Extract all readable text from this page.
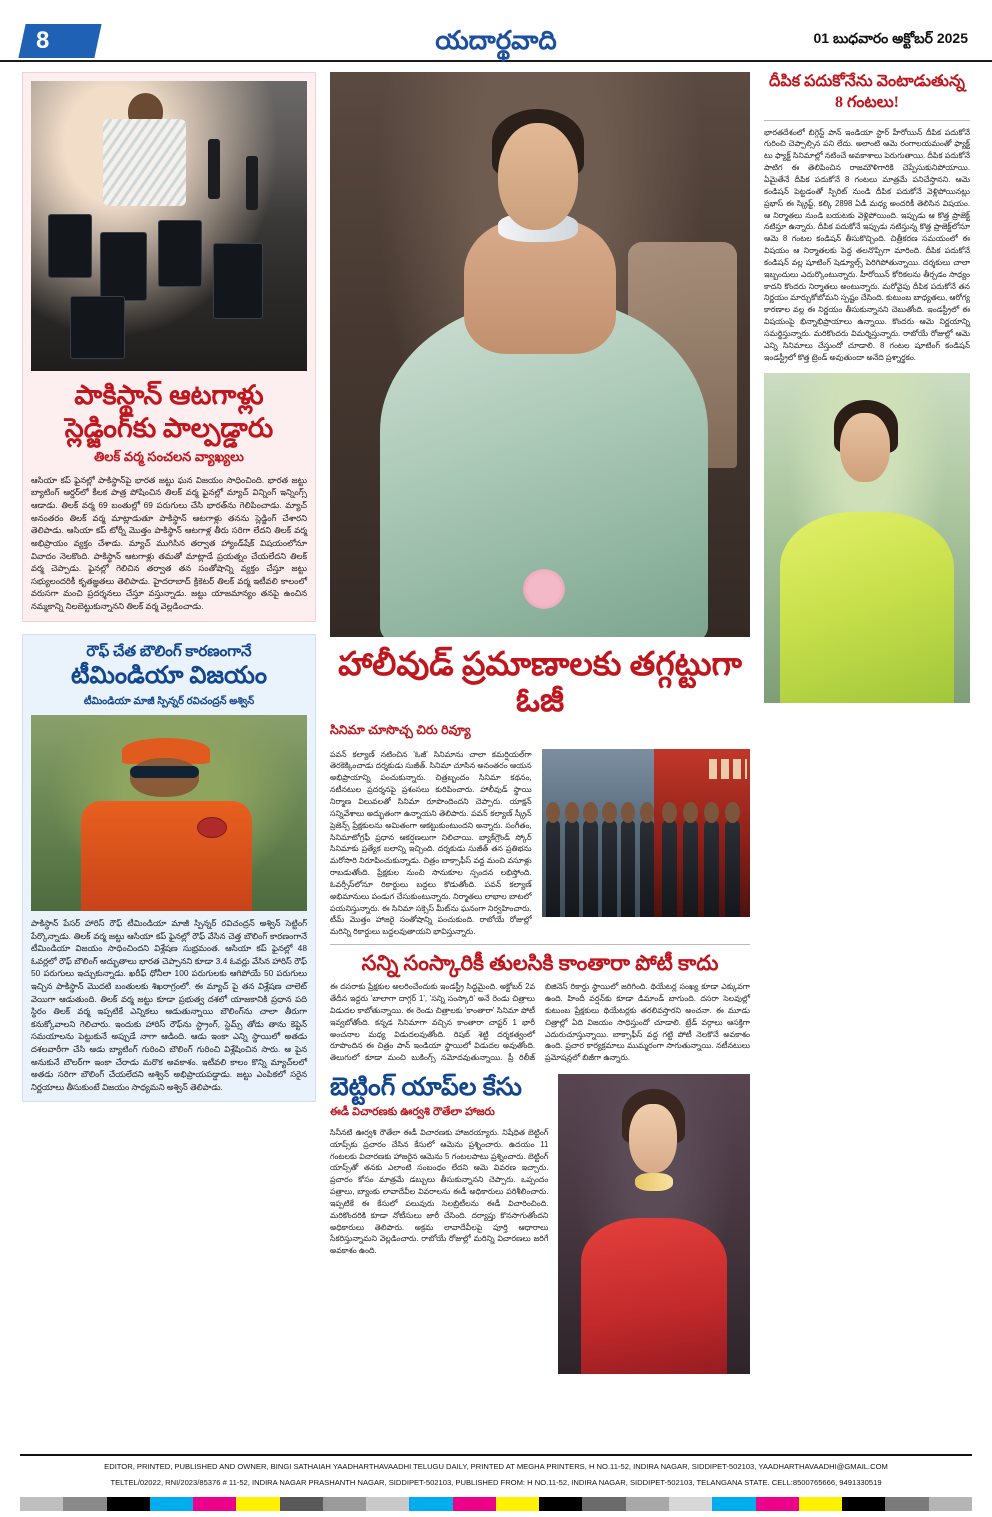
8	యదార్థవాది	01 బుధవారం అక్టోబర్ 2025
పాకిస్థాన్ ఆటగాళ్లు స్లెడ్జింగ్‌కు పాల్పడ్డారు
తిలక్ వర్మ సంచలన వ్యాఖ్యలు
ఆసియా కప్ ఫైనల్లో పాకిస్థాన్‌పై భారత జట్టు ఘన విజయం సాధించింది. భారత జట్టు బ్యాటింగ్ ఆర్డర్‌లో కీలక పాత్ర పోషించిన తిలక్ వర్మ ఫైనల్లో మ్యాచ్ విన్నింగ్ ఇన్నింగ్స్ ఆడాడు. తిలక్ వర్మ 69 బంతుల్లో 69 పరుగులు చేసి భారత్‌ను గెలిపించాడు. మ్యాచ్ అనంతరం తిలక్ వర్మ మాట్లాడుతూ పాకిస్థాన్ ఆటగాళ్లు తనను స్లెడ్జింగ్ చేశారని తెలిపాడు. ఆసియా కప్ టోర్నీ మొత్తం పాకిస్థాన్ ఆటగాళ్ల తీరు సరిగా లేదని తిలక్ వర్మ అభిప్రాయం వ్యక్తం చేశాడు. మ్యాచ్ ముగిసిన తర్వాత హ్యాండ్‌షేక్ విషయంలోనూ వివాదం నెలకొంది. పాకిస్థాన్ ఆటగాళ్లు తమతో మాట్లాడే ప్రయత్నం చేయలేదని తిలక్ వర్మ చెప్పాడు. ఫైనల్లో గెలిచిన తర్వాత తన సంతోషాన్ని వ్యక్తం చేస్తూ జట్టు సభ్యులందరికీ కృతజ్ఞతలు తెలిపాడు. హైదరాబాద్ క్రికెటర్ తిలక్ వర్మ ఇటీవలి కాలంలో వరుసగా మంచి ప్రదర్శనలు చేస్తూ వస్తున్నాడు. జట్టు యాజమాన్యం తనపై ఉంచిన నమ్మకాన్ని నిలబెట్టుకున్నానని తిలక్ వర్మ వెల్లడించాడు.
రౌఫ్ చేత బౌలింగ్ కారణంగానే
టీమిండియా విజయం
టీమిండియా మాజీ స్పిన్నర్ రవిచంద్రన్ అశ్విన్
పాకిస్థాన్ పేసర్ హారిస్ రౌఫ్ టీమిండియా మాజీ స్పిన్నర్ రవిచంద్రన్ అశ్విన్ సెట్టింగ్ పేర్కొన్నాడు. తిలక్ వర్మ జట్టు ఆసియా కప్ ఫైనల్లో రౌఫ్ వేసిన చెత్త బౌలింగ్ కారణంగానే టీమిండియా విజయం సాధించిందని విశ్లేషణ సుభ్రమంత. ఆసియా కప్ ఫైనల్లో 48 ఓవర్లలో రౌఫ్ బౌలింగ్ అద్భుతాలు భారత చెప్పానని కూడా 3.4 ఓవర్లు వేసిన హారిస్ రౌఫ్ 50 పరుగులు ఇచ్చుకున్నాడు. ఖరీఫ్ ధోనీలా 100 పరుగులకు ఆగిపోయే 50 పరుగులు ఇచ్చిన పాకిస్థాన్ మొదటి బంతులకు శిఖరాగ్రంలో. ఈ మ్యాచ్ పై తన విశ్లేషణ చాలెట్ వెయిగా ఆడుతుంది. తిలక్ వర్మ జట్టు కూడా ప్రభుత్వ దశలో యాజకానికి ప్రధాన పది స్థిరం తిలక్ వర్మ ఇప్పటికే ఎన్నికలు ఆడుతున్నాయి బౌలింగ్‌ను చాలా తీరుగా కనుక్కోవాలని గెలిచారు. ఇందుకు హారిస్ రౌఫ్‌ను స్ట్రాంగ్, స్టెమ్స్ తోడు తాను కెప్టెన్ సమయాలను పెట్టుకునే అప్పుడే నాగా ఆడింది. ఆడు ఇంకా ఎన్ని స్థాయిలో అతడు దశలవారీగా చేసి ఆడు బ్యాటింగ్ గురించి బౌలింగ్ గురించి విశ్లేషించిన సారు. ఆ పైన అనుకునే బౌలర్‌గా ఇంకా చేరాడు మరొక అవకాశం. ఇటీవలి కాలం కొన్ని మ్యాచ్‌లలో అతడు సరిగా బౌలింగ్ చేయలేదని అశ్విన్ అభిప్రాయపడ్డాడు. జట్టు ఎంపికలో సరైన నిర్ణయాలు తీసుకుంటే విజయం సాధ్యమని అశ్విన్ తెలిపాడు.
హాలీవుడ్ ప్రమాణాలకు తగ్గట్టుగా ఓజీ
సినిమా చూసొచ్చ చిరు రివ్యూ
పవన్ కల్యాణ్ నటించిన 'ఓజీ' సినిమాను చాలా కమర్షియల్‌గా తెరకెక్కించాడు దర్శకుడు సుజీత్. సినిమా చూసిన అనంతరం ఆయన అభిప్రాయాన్ని పంచుకున్నారు. చిత్రబృందం సినిమా కథనం, నటీనటుల ప్రదర్శనపై ప్రశంసలు కురిపించారు. హాలీవుడ్ స్థాయి నిర్మాణ విలువలతో సినిమా రూపొందిందని చెప్పారు. యాక్షన్ సన్నివేశాలు అద్భుతంగా ఉన్నాయని తెలిపారు. పవన్ కల్యాణ్ స్క్రీన్ ప్రెజెన్స్ ప్రేక్షకులను అమితంగా ఆకట్టుకుంటుందని అన్నారు. సంగీతం, సినిమాటోగ్రఫీ ప్రధాన ఆకర్షణలుగా నిలిచాయి. బ్యాక్‌గ్రౌండ్ స్కోర్ సినిమాకు ప్రత్యేక బలాన్ని ఇచ్చింది. దర్శకుడు సుజీత్ తన ప్రతిభను మరోసారి నిరూపించుకున్నాడు. చిత్రం బాక్సాఫీస్ వద్ద మంచి వసూళ్లు రాబడుతోంది. ప్రేక్షకుల నుంచి సానుకూల స్పందన లభిస్తోంది. ఓవర్సీస్‌లోనూ రికార్డులు బద్దలు కొడుతోంది. పవన్ కల్యాణ్ అభిమానులు పండుగ చేసుకుంటున్నారు. నిర్మాతలు లాభాల బాటలో పయనిస్తున్నారు. ఈ సినిమా సక్సెస్ మీట్‌ను ఘనంగా నిర్వహించారు. టీమ్ మొత్తం హాజరై సంతోషాన్ని పంచుకుంది. రాబోయే రోజుల్లో మరిన్ని రికార్డులు బద్దలవుతాయని భావిస్తున్నారు.
సన్ని సంస్కారికీ తులసికి కాంతారా పోటీ కాదు
ఈ దసరాకు ప్రేక్షకుల అలరించేందుకు ఇండస్ట్రీ సిద్ధమైంది. అక్టోబర్ 2వ తేదీన ఇద్దరు 'బాలాగా దాగ్గర్ 1', 'సన్ని సంస్కారి' అనే రెండు చిత్రాలు విడుదల కాబోతున్నాయి. ఈ రెండు చిత్రాలకు 'కాంతారా' సినిమా పోటీ ఇవ్వబోతోంది. కన్నడ సినిమాగా వచ్చిన కాంతారా చాప్టర్ 1 భారీ అంచనాల మధ్య విడుదలవుతోంది. రిషబ్ శెట్టి దర్శకత్వంలో రూపొందిన ఈ చిత్రం పాన్ ఇండియా స్థాయిలో విడుదల అవుతోంది. తెలుగులో కూడా మంచి బుకింగ్స్ నమోదవుతున్నాయి. ప్రీ రిలీజ్ బిజినెస్ రికార్డు స్థాయిలో జరిగింది. థియేటర్ల సంఖ్య కూడా ఎక్కువగా ఉంది. హిందీ వర్షన్‌కు కూడా డిమాండ్ బాగుంది. దసరా సెలవుల్లో కుటుంబ ప్రేక్షకులు థియేటర్లకు తరలివస్తారని అంచనా. ఈ మూడు చిత్రాల్లో ఏది విజయం సాధిస్తుందో చూడాలి. ట్రేడ్ వర్గాలు ఆసక్తిగా ఎదురుచూస్తున్నాయి. బాక్సాఫీస్ వద్ద గట్టి పోటీ నెలకొనే అవకాశం ఉంది. ప్రచార కార్యక్రమాలు ముమ్మరంగా సాగుతున్నాయి. నటీనటులు ప్రమోషన్లలో బిజీగా ఉన్నారు.
బెట్టింగ్ యాప్‌ల కేసు
ఈడీ విచారణకు ఊర్వశి రౌతేలా హాజరు
సినీనటి ఊర్వశి రౌతేలా ఈడీ విచారణకు హాజరయ్యారు. నిషేధిత బెట్టింగ్ యాప్స్‌కు ప్రచారం చేసిన కేసులో ఆమెను ప్రశ్నించారు. ఉదయం 11 గంటలకు విచారణకు హాజరైన ఆమెను 5 గంటలపాటు ప్రశ్నించారు. బెట్టింగ్ యాప్స్‌తో తనకు ఎలాంటి సంబంధం లేదని ఆమె వివరణ ఇచ్చారు. ప్రచారం కోసం మాత్రమే డబ్బులు తీసుకున్నానని చెప్పారు. ఒప్పందం పత్రాలు, బ్యాంకు లావాదేవీల వివరాలను ఈడీ అధికారులు పరిశీలించారు. ఇప్పటికే ఈ కేసులో పలువురు సెలబ్రిటీలను ఈడీ విచారించింది. మరికొందరికి కూడా నోటీసులు జారీ చేసింది. దర్యాప్తు కొనసాగుతోందని అధికారులు తెలిపారు. అక్రమ లావాదేవీలపై పూర్తి ఆధారాలు సేకరిస్తున్నామని వెల్లడించారు. రాబోయే రోజుల్లో మరిన్ని విచారణలు జరిగే అవకాశం ఉంది.
దీపిక పదుకోనేను వెంటాడుతున్న 8 గంటలు!
భారతదేశంలో బిగ్గెస్ట్ పాన్ ఇండియా స్టార్ హీరోయిన్ దీపిక పదుకోనే గురించి చెప్పాల్సిన పని లేదు. అలాంటి ఆమె రంగాలయమంతో ఫ్యాక్ట్ టు ఫ్యాక్ట్ సినిమాల్లో నటించే అవకాశాలు పెరుగుతాయి. దీపిక పదుకోనే పాటిగ ఈ తెలిపించిన రాజమౌళిగారికి చెప్పేసుకునిపోయాయి. ఏమైతేనే దీపిక పదుకోనే 8 గంటలు మాత్రమే పనిచేస్తానని. ఆమె కండిషన్ పెట్టడంతో స్పిరిట్ నుండి దీపిక పదుకోనే వెళ్లిపోయినట్లు ప్రభాస్ ఈ స్క్రిప్ట్, కల్కి 2898 ఏడీ మధ్య అందరికీ తెలిసిన విషయం. ఆ నిర్మాతలు నుండి బయటకు వెళ్లిపోయింది. ఇప్పుడు ఆ కొత్త ప్రాజెక్ట్ నటిస్తూ ఉన్నారు. దీపిక పదుకోనే ఇప్పుడు నటిస్తున్న కొత్త ప్రాజెక్ట్‌లోనూ ఆమె 8 గంటల కండిషన్ తీసుకొచ్చింది. చిత్రీకరణ సమయంలో ఈ విషయం ఆ నిర్మాతలకు పెద్ద తలనొప్పిగా మారింది. దీపిక పదుకోనే కండిషన్ వల్ల షూటింగ్ షెడ్యూల్స్ పెరిగిపోతున్నాయి. దర్శకులు చాలా ఇబ్బందులు ఎదుర్కొంటున్నారు. హీరోయిన్ కోరికలను తీర్చడం సాధ్యం కాదని కొందరు నిర్మాతలు అంటున్నారు. మరోవైపు దీపిక పదుకోనే తన నిర్ణయం మార్చుకోబోమని స్పష్టం చేసింది. కుటుంబ బాధ్యతలు, ఆరోగ్య కారణాల వల్ల ఈ నిర్ణయం తీసుకున్నానని చెబుతోంది. ఇండస్ట్రీలో ఈ విషయంపై భిన్నాభిప్రాయాలు ఉన్నాయి. కొందరు ఆమె నిర్ణయాన్ని సమర్థిస్తున్నారు. మరికొందరు విమర్శిస్తున్నారు. రాబోయే రోజుల్లో ఆమె ఎన్ని సినిమాలు చేస్తుందో చూడాలి. 8 గంటల షూటింగ్ కండిషన్ ఇండస్ట్రీలో కొత్త ట్రెండ్ అవుతుందా అనేది ప్రశ్నార్థకం.
EDITOR, PRINTED, PUBLISHED AND OWNER, BINGI SATHAIAH YAADHARTHAVAADHI TELUGU DAILY, PRINTED AT MEGHA PRINTERS, H NO.11-52, INDIRA NAGAR, SIDDIPET-502103, YAADHARTHAVAADHI@GMAIL.COM
TELTEL/02022, RNI/2023/85376 # 11-52, INDIRA NAGAR PRASHANTH NAGAR, SIDDIPET-502103, PUBLISHED FROM: H NO.11-52, INDIRA NAGAR, SIDDIPET-502103, TELANGANA STATE. CELL:8500765666, 9491330519
